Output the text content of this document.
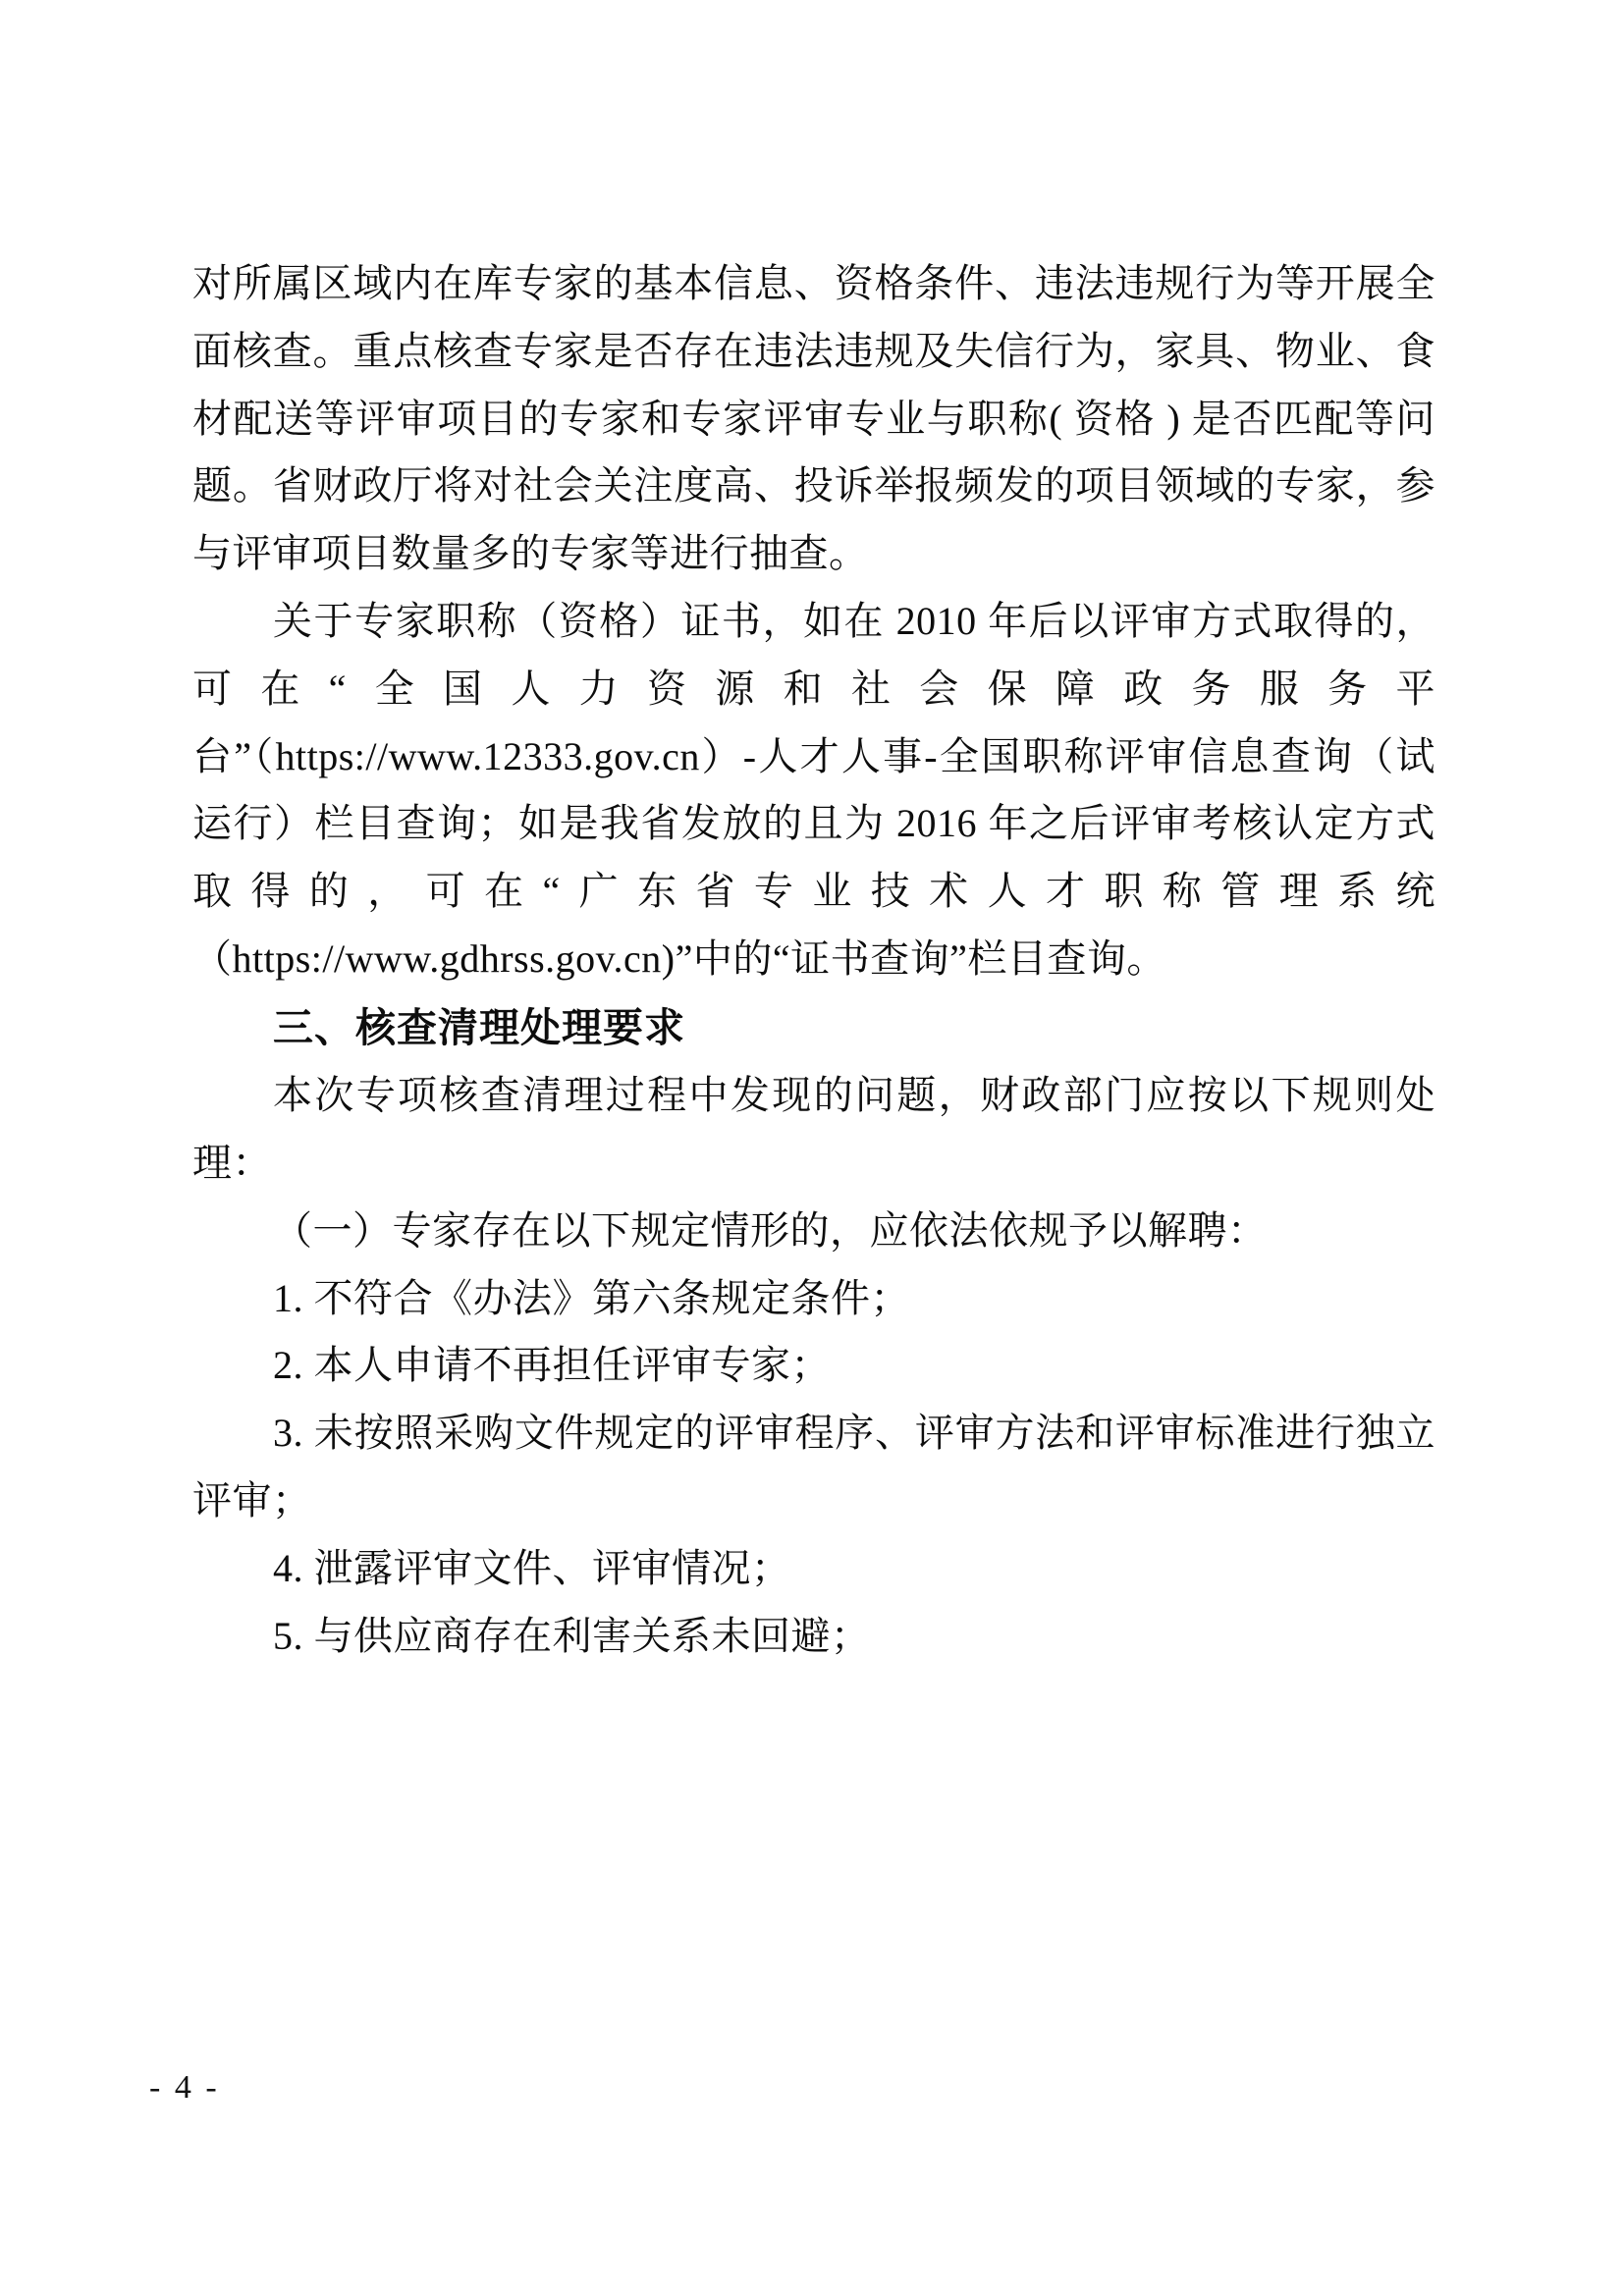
对所属区域内在库专家的基本信息、资格条件、违法违规行为等开展全面核查。重点核查专家是否存在违法违规及失信行为，家具、物业、食材配送等评审项目的专家和专家评审专业与职称( 资格 ) 是否匹配等问题。省财政厅将对社会关注度高、投诉举报频发的项目领域的专家，参与评审项目数量多的专家等进行抽查。

关于专家职称（资格）证书，如在 2010 年后以评审方式取得的，可在“全国人力资源和社会保障政务服务平台”（https://www.12333.gov.cn）-人才人事-全国职称评审信息查询（试运行）栏目查询；如是我省发放的且为 2016 年之后评审考核认定方式取得的，可在“广东省专业技术人才职称管理系统（https://www.gdhrss.gov.cn)”中的“证书查询”栏目查询。

三、核查清理处理要求

本次专项核查清理过程中发现的问题，财政部门应按以下规则处理：

（一）专家存在以下规定情形的，应依法依规予以解聘：

1. 不符合《办法》第六条规定条件；

2. 本人申请不再担任评审专家；

3. 未按照采购文件规定的评审程序、评审方法和评审标准进行独立评审；

4. 泄露评审文件、评审情况；

5. 与供应商存在利害关系未回避；

- 4 -
